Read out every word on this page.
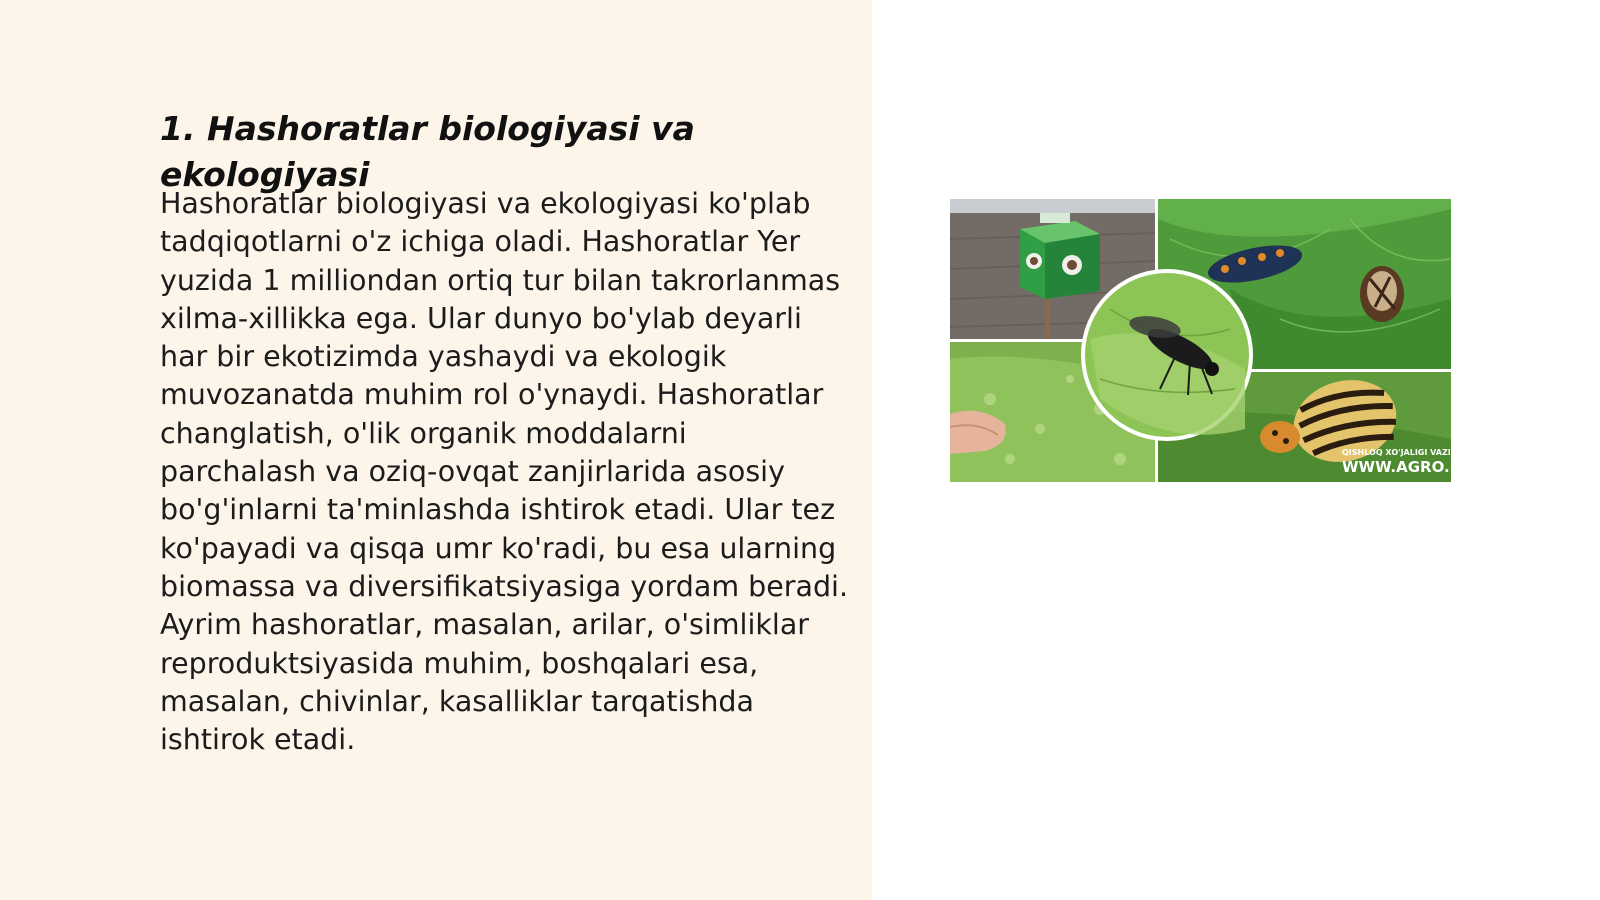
1. Hashoratlar biologiyasi va ekologiyasi

Hashoratlar biologiyasi va ekologiyasi ko'plab tadqiqotlarni o'z ichiga oladi. Hashoratlar Yer yuzida 1 milliondan ortiq tur bilan takrorlanmas xilma-xillikka ega. Ular dunyo bo'ylab deyarli har bir ekotizimda yashaydi va ekologik muvozanatda muhim rol o'ynaydi. Hashoratlar changlatish, o'lik organik moddalarni parchalash va oziq-ovqat zanjirlarida asosiy bo'g'inlarni ta'minlashda ishtirok etadi. Ular tez ko'payadi va qisqa umr ko'radi, bu esa ularning biomassa va diversifikatsiyasiga yordam beradi. Ayrim hashoratlar, masalan, arilar, o'simliklar reproduktsiyasida muhim, boshqalari esa, masalan, chivinlar, kasalliklar tarqatishda ishtirok etadi.

QISHLOQ XO'JALIGI VAZIRLIGI
WWW.AGRO.UZ
